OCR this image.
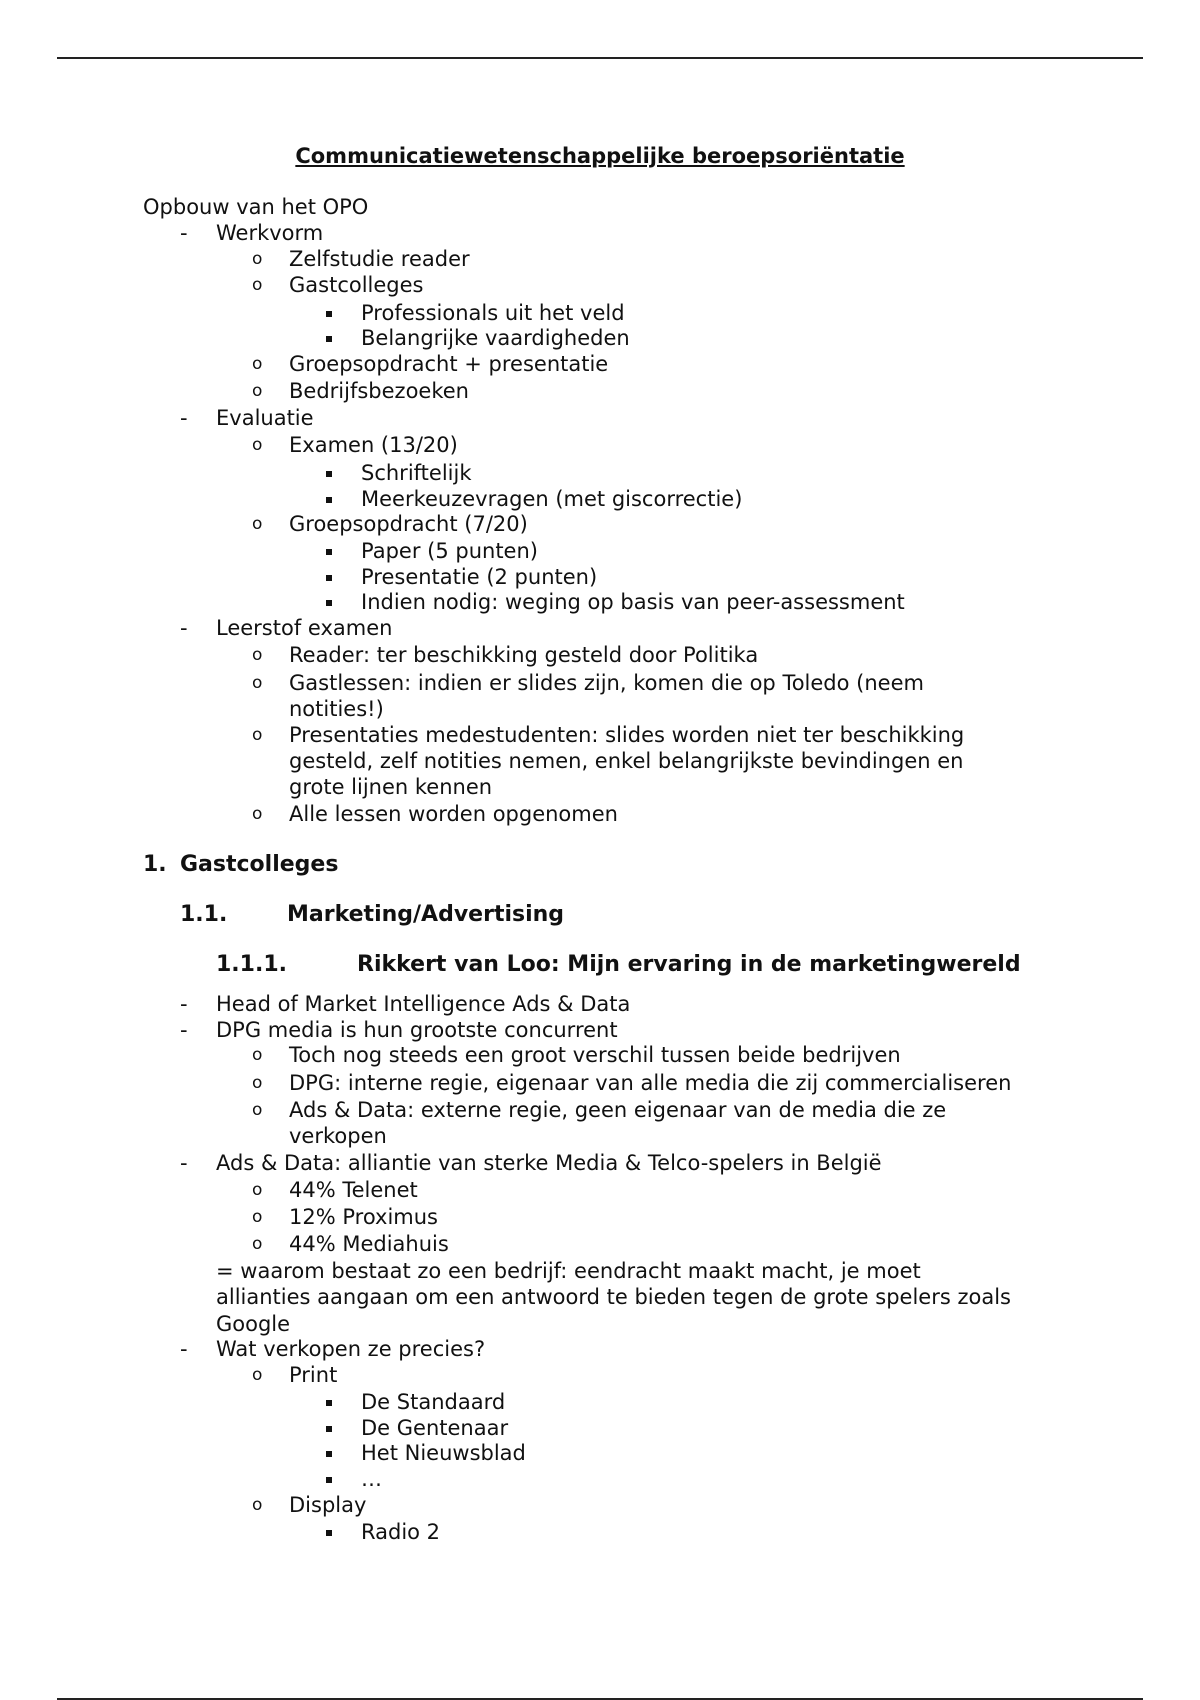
Communicatiewetenschappelijke beroepsoriëntatie
Opbouw van het OPO
- Werkvorm
o Zelfstudie reader
o Gastcolleges
Professionals uit het veld
Belangrijke vaardigheden
o Groepsopdracht + presentatie
o Bedrijfsbezoeken
- Evaluatie
o Examen (13/20)
Schriftelijk
Meerkeuzevragen (met giscorrectie)
o Groepsopdracht (7/20)
Paper (5 punten)
Presentatie (2 punten)
Indien nodig: weging op basis van peer-assessment
- Leerstof examen
o Reader: ter beschikking gesteld door Politika
o Gastlessen: indien er slides zijn, komen die op Toledo (neem
notities!)
o Presentaties medestudenten: slides worden niet ter beschikking
gesteld, zelf notities nemen, enkel belangrijkste bevindingen en
grote lijnen kennen
o Alle lessen worden opgenomen
1. Gastcolleges
1.1.	Marketing/Advertising
1.1.1.	Rikkert van Loo: Mijn ervaring in de marketingwereld
- Head of Market Intelligence Ads & Data
- DPG media is hun grootste concurrent
o Toch nog steeds een groot verschil tussen beide bedrijven
o DPG: interne regie, eigenaar van alle media die zij commercialiseren
o Ads & Data: externe regie, geen eigenaar van de media die ze
verkopen
- Ads & Data: alliantie van sterke Media & Telco-spelers in België
o 44% Telenet
o 12% Proximus
o 44% Mediahuis
= waarom bestaat zo een bedrijf: eendracht maakt macht, je moet
allianties aangaan om een antwoord te bieden tegen de grote spelers zoals
Google
- Wat verkopen ze precies?
o Print
De Standaard
De Gentenaar
Het Nieuwsblad
…
o Display
Radio 2
